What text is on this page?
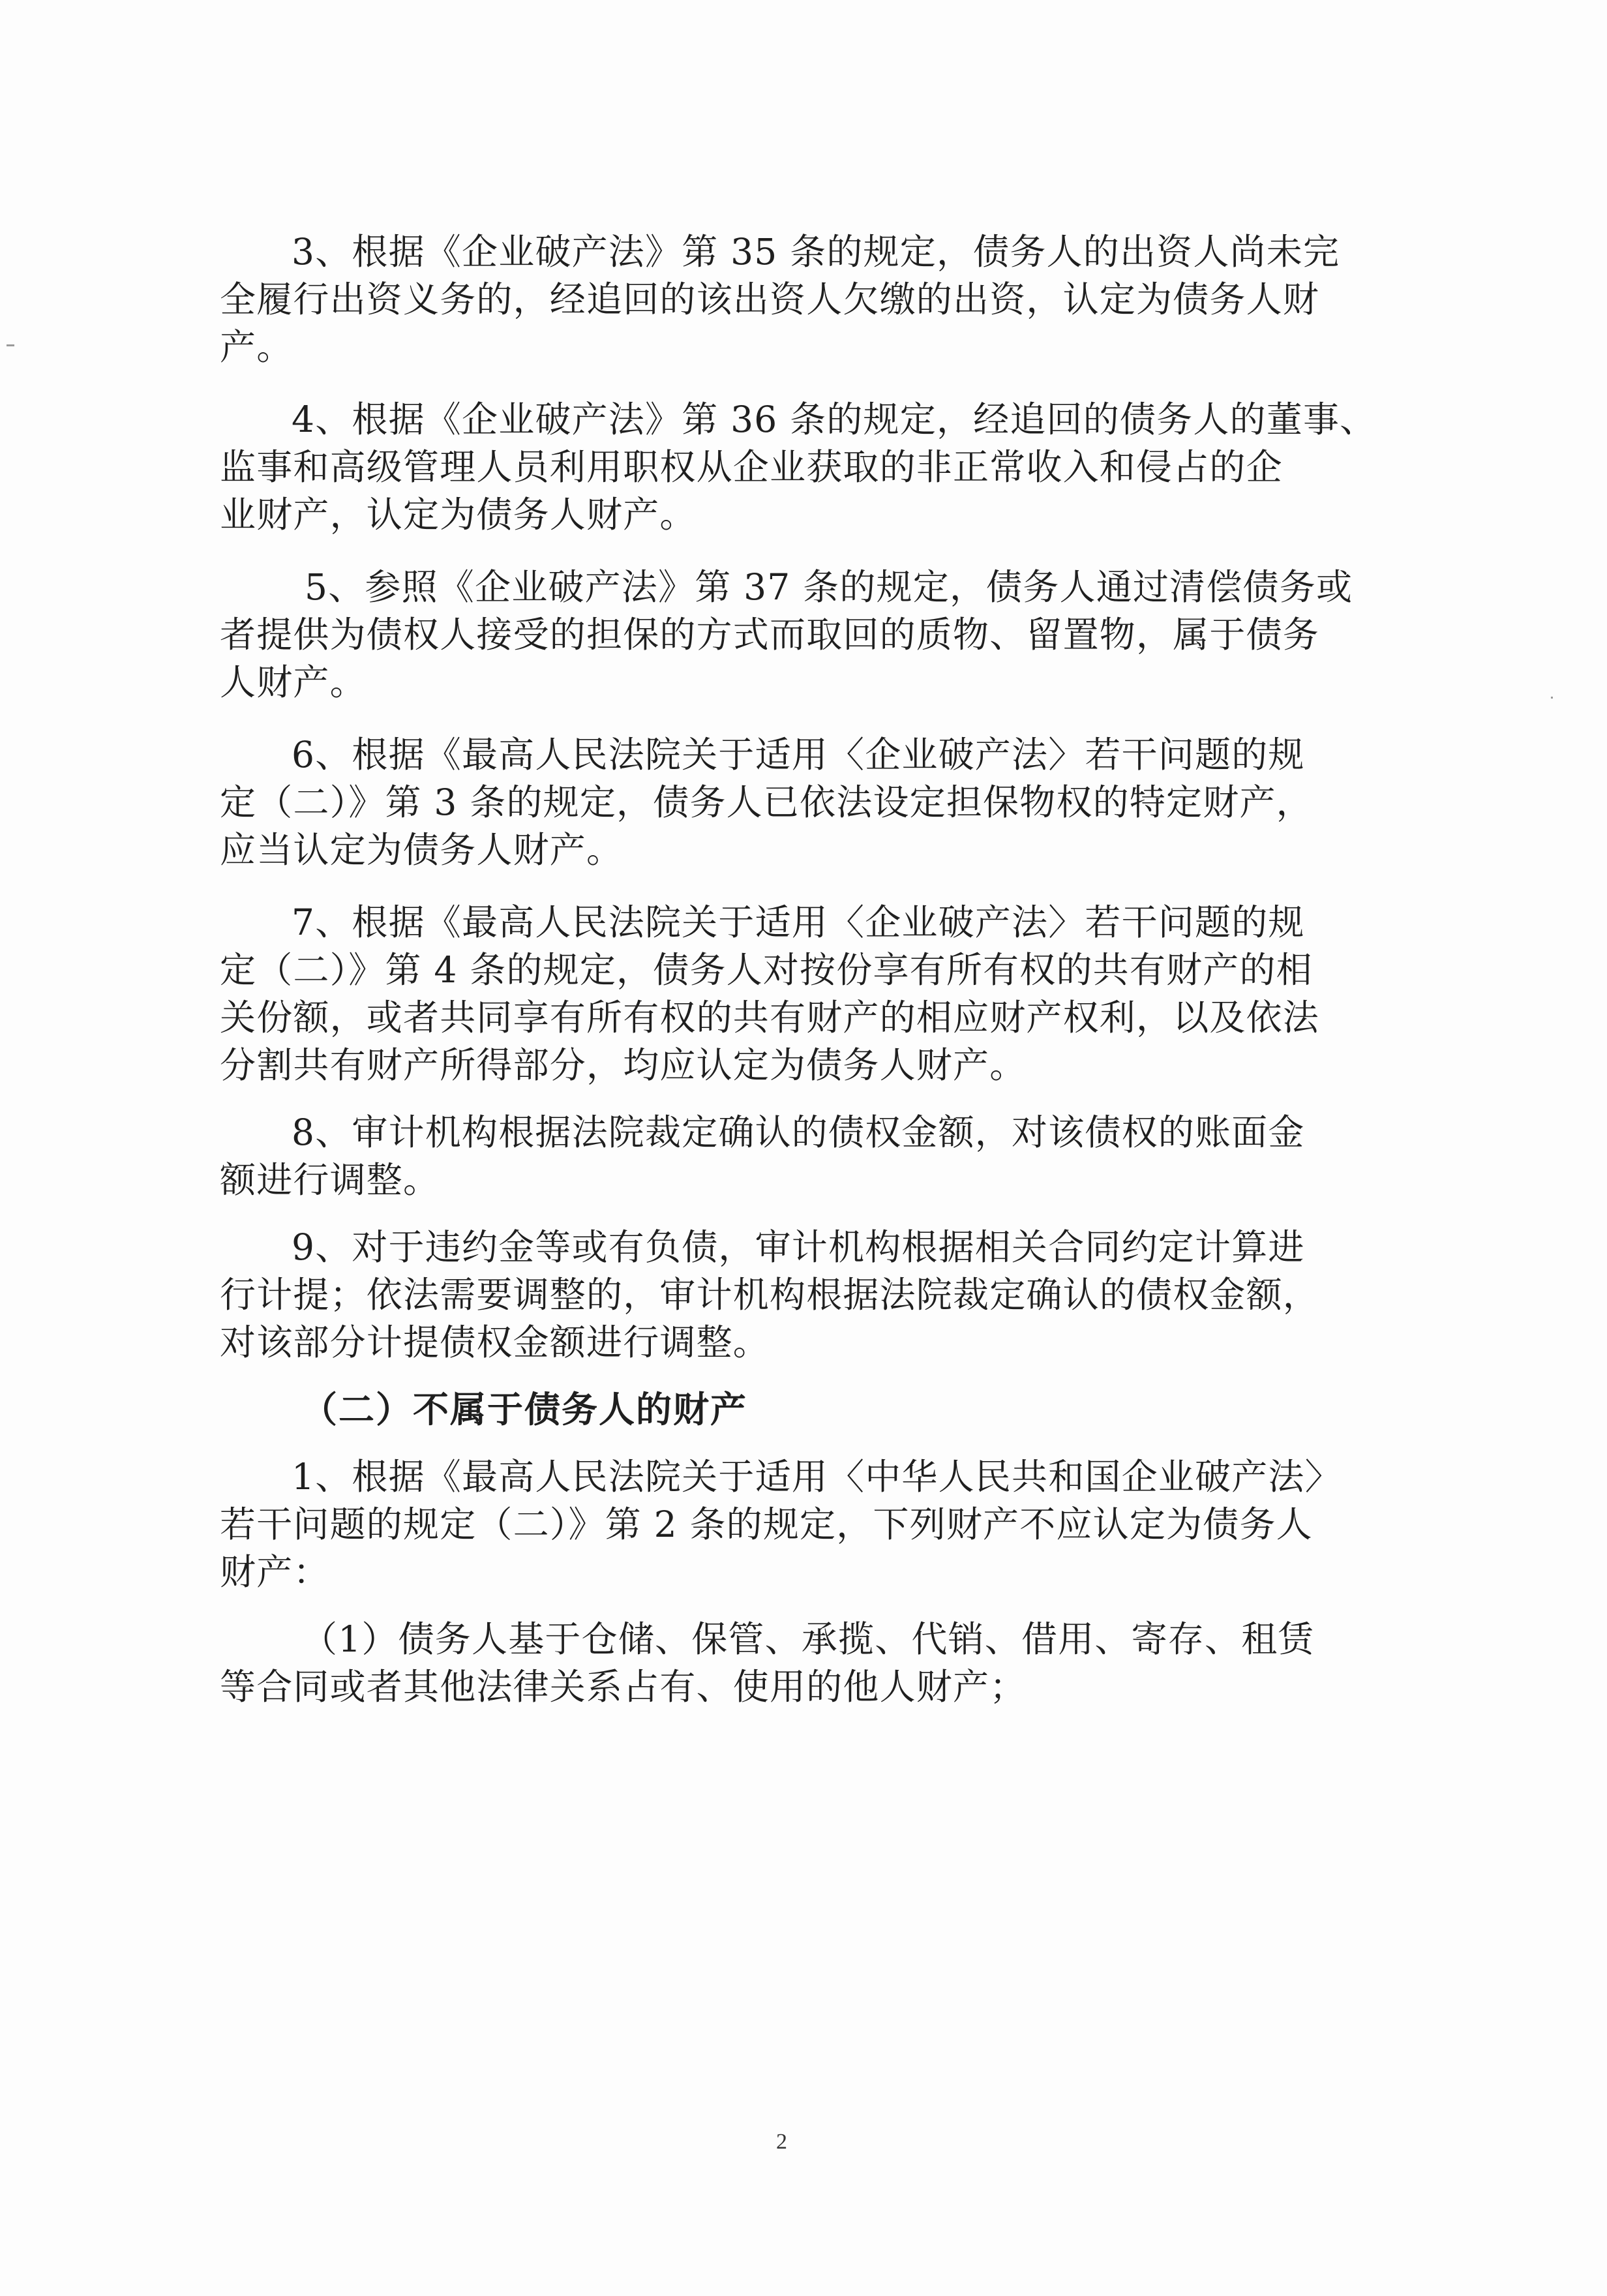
3、根据《企业破产法》第 35 条的规定，债务人的出资人尚未完
全履行出资义务的，经追回的该出资人欠缴的出资，认定为债务人财
产。
4、根据《企业破产法》第 36 条的规定，经追回的债务人的董事、
监事和高级管理人员利用职权从企业获取的非正常收入和侵占的企
业财产，认定为债务人财产。
5、参照《企业破产法》第 37 条的规定，债务人通过清偿债务或
者提供为债权人接受的担保的方式而取回的质物、留置物，属于债务
人财产。
6、根据《最高人民法院关于适用〈企业破产法〉若干问题的规
定（二）》第 3 条的规定，债务人已依法设定担保物权的特定财产，
应当认定为债务人财产。
7、根据《最高人民法院关于适用〈企业破产法〉若干问题的规
定（二）》第 4 条的规定，债务人对按份享有所有权的共有财产的相
关份额，或者共同享有所有权的共有财产的相应财产权利，以及依法
分割共有财产所得部分，均应认定为债务人财产。
8、审计机构根据法院裁定确认的债权金额，对该债权的账面金
额进行调整。
9、对于违约金等或有负债，审计机构根据相关合同约定计算进
行计提；依法需要调整的，审计机构根据法院裁定确认的债权金额，
对该部分计提债权金额进行调整。
（二）不属于债务人的财产
1、根据《最高人民法院关于适用〈中华人民共和国企业破产法〉
若干问题的规定（二）》第 2 条的规定，下列财产不应认定为债务人
财产：
（1）债务人基于仓储、保管、承揽、代销、借用、寄存、租赁
等合同或者其他法律关系占有、使用的他人财产；
2
